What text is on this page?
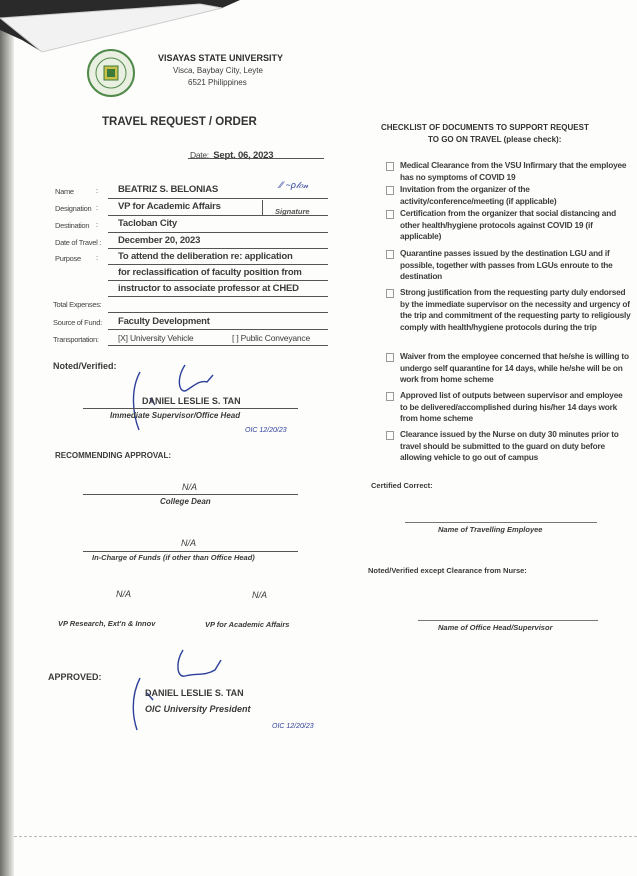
VISAYAS STATE UNIVERSITY
Visca, Baybay City, Leyte
6521 Philippines
TRAVEL REQUEST / ORDER
Date: Sept. 06, 2023
Name	: BEATRIZ S. BELONIAS	⁄⁄ ~ρ𝓁𝑜𝓃
Designation : VP for Academic Affairs	Signature
Destination : Tacloban City
Date of Travel : December 20, 2023
Purpose : To attend the deliberation re: application
for reclassification of faculty position from
instructor to associate professor at CHED
Total Expenses:
Source of Fund: Faculty Development
Transportation: [X] University Vehicle	[ ] Public Conveyance
Noted/Verified:
DANIEL LESLIE S. TAN
Immediate Supervisor/Office Head
OIC 12/20/23
RECOMMENDING APPROVAL:
N/A
College Dean
N/A
In-Charge of Funds (if other than Office Head)
N/A	N/A
VP Research, Ext'n & Innov	VP for Academic Affairs
APPROVED:
DANIEL LESLIE S. TAN
OIC University President
OIC 12/20/23
CHECKLIST OF DOCUMENTS TO SUPPORT REQUEST
TO GO ON TRAVEL (please check):
Medical Clearance from the VSU Infirmary that the employee has no symptoms of COVID 19
Invitation from the organizer of the activity/conference/meeting (if applicable)
Certification from the organizer that social distancing and other health/hygiene protocols against COVID 19 (if applicable)
Quarantine passes issued by the destination LGU and if possible, together with passes from LGUs enroute to the destination
Strong justification from the requesting party duly endorsed by the immediate supervisor on the necessity and urgency of the trip and commitment of the requesting party to religiously comply with health/hygiene protocols during the trip
Waiver from the employee concerned that he/she is willing to undergo self quarantine for 14 days, while he/she will be on work from home scheme
Approved list of outputs between supervisor and employee to be delivered/accomplished during his/her 14 days work from home scheme
Clearance issued by the Nurse on duty 30 minutes prior to travel should be submitted to the guard on duty before allowing vehicle to go out of campus
Certified Correct:
Name of Travelling Employee
Noted/Verified except Clearance from Nurse:
Name of Office Head/Supervisor
